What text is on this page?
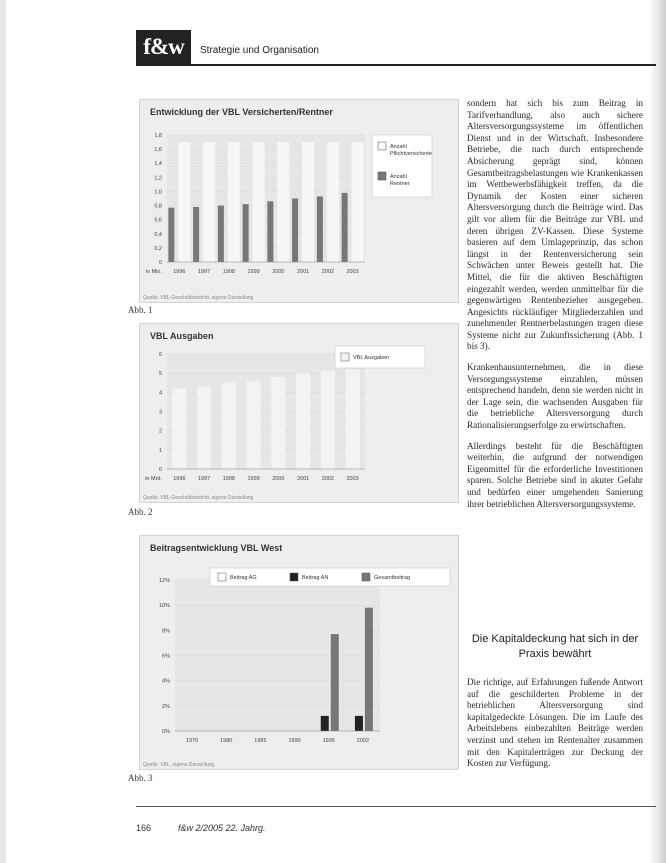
f&w	Strategie und Organisation
Entwicklung der VBL Versicherten/Rentner
0
0,2
0,4
0,6
0,8
1,0
1,2
1,4
1,6
1,8
in Mio. 1996 1997 1998 1999 2000 2001 2002 2003
Anzahl
Pflichtversicherte
Anzahl
Rentner
Quelle: VBL-Geschäftsbericht, eigene Darstellung
Abb. 1
VBL Ausgaben
0
1
2
3
4
5
6
in Mrd. 1996 1997 1998 1999 2000 2001 2002 2003
VBL Ausgaben
Quelle: VBL-Geschäftsbericht, eigene Darstellung
Abb. 2
Beitragsentwicklung VBL West
0%
2%
4%
6%
8%
10%
12%
1970	1980	1985	1990	1995	2002
Beitrag AG	Beitrag AN	Gesamtbeitrag
Quelle: VBL, eigene Darstellung
Abb. 3

sondern hat sich bis zum Beitrag in Tarifverhandlung, also auch sichere Altersversorgungssysteme im öffentlichen Dienst und in der Wirtschaft. Insbesondere Betriebe, die nach durch entsprechende Absicherung geprägt sind, können Gesamtbeitragsbelastungen wie Krankenkassen im Wettbewerbsfähigkeit treffen, da die Dynamik der Kosten einer sicheren Altersversorgung durch die Beiträge wird. Das gilt vor allem für die Beiträge zur VBL und deren übrigen ZV-Kassen. Diese Systeme basieren auf dem Umlageprinzip, das schon längst in der Rentenversicherung sein Schwächen unter Beweis gestellt hat. Die Mittel, die für die aktiven Beschäftigten eingezahlt werden, werden unmittelbar für die gegenwärtigen Rentenbezieher ausgegeben. Angesichts rückläufiger Mitgliederzahlen und zunehmender Rentnerbelastungen tragen diese Systeme nicht zur Zukunftssicherung (Abb. 1 bis 3).

Krankenhausunternehmen, die in diese Versorgungssysteme einzahlen, müssen entsprechend handeln, denn sie werden nicht in der Lage sein, die wachsenden Ausgaben für die betriebliche Altersversorgung durch Rationalisierungserfolge zu erwirtschaften.

Allerdings besteht für die Beschäftigten weiterhin, die aufgrund der notwendigen Eigenmittel für die erforderliche Investitionen sparen. Solche Betriebe sind in akuter Gefahr und bedürfen einer umgehenden Sanierung ihrer betrieblichen Altersversorgungssysteme.

Die Kapitaldeckung hat sich in der Praxis bewährt

Die richtige, auf Erfahrungen fußende Antwort auf die geschilderten Probleme in der betrieblichen Altersversorgung sind kapitalgedeckte Lösungen. Die im Laufe des Arbeitslebens einbezahlten Beiträge werden verzinst und stehen im Rentenalter zusammen mit den Kapitalerträgen zur Deckung der Kosten zur Verfügung.

166	f&w 2/2005 22. Jahrg.
